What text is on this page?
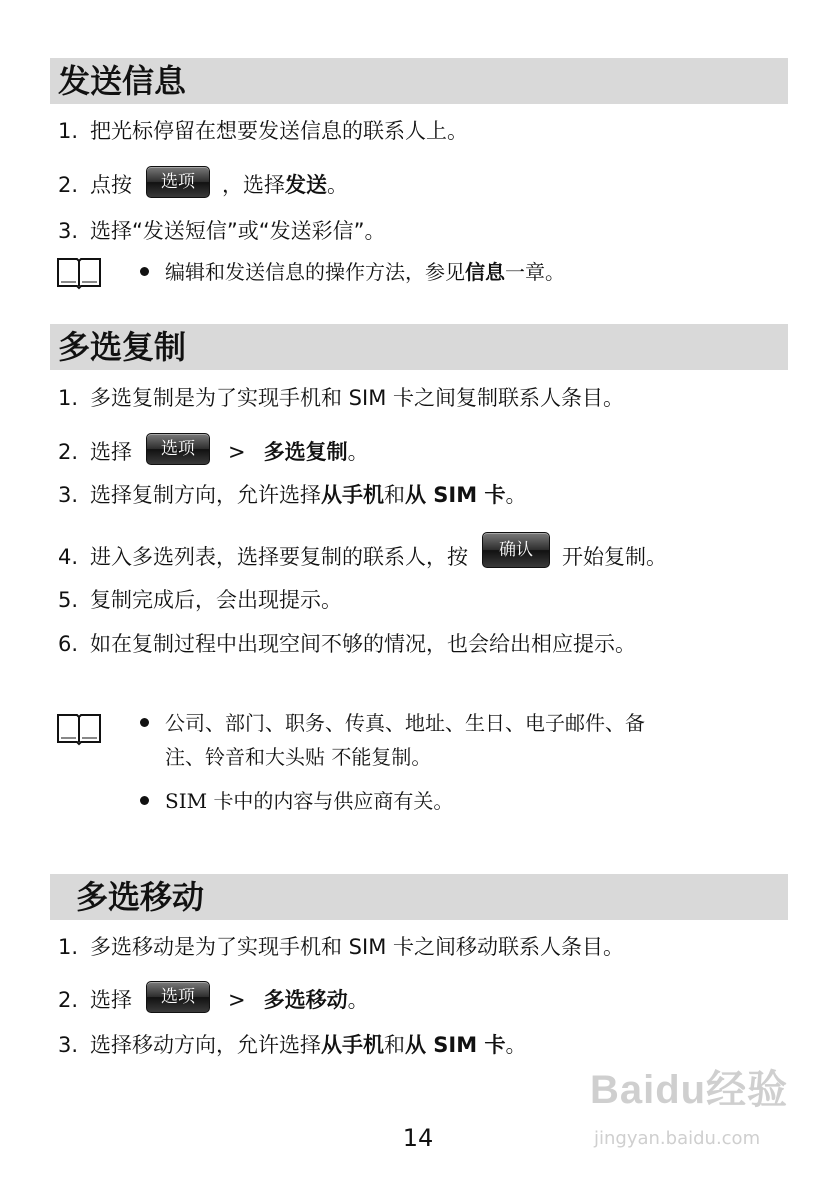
发送信息
1. 把光标停留在想要发送信息的联系人上。
2. 点按 选项 ，选择发送。
3. 选择“发送短信”或“发送彩信”。
编辑和发送信息的操作方法，参见信息一章。
多选复制
1. 多选复制是为了实现手机和 SIM 卡之间复制联系人条目。
2. 选择 选项 > 多选复制。
3. 选择复制方向，允许选择从手机和从 SIM 卡。
4. 进入多选列表，选择要复制的联系人，按 确认 开始复制。
5. 复制完成后，会出现提示。
6. 如在复制过程中出现空间不够的情况，也会给出相应提示。
公司、部门、职务、传真、地址、生日、电子邮件、备
注、铃音和大头贴 不能复制。
SIM 卡中的内容与供应商有关。
多选移动
1. 多选移动是为了实现手机和 SIM 卡之间移动联系人条目。
2. 选择 选项 > 多选移动。
3. 选择移动方向，允许选择从手机和从 SIM 卡。
Baidu经验
jingyan.baidu.com
14
